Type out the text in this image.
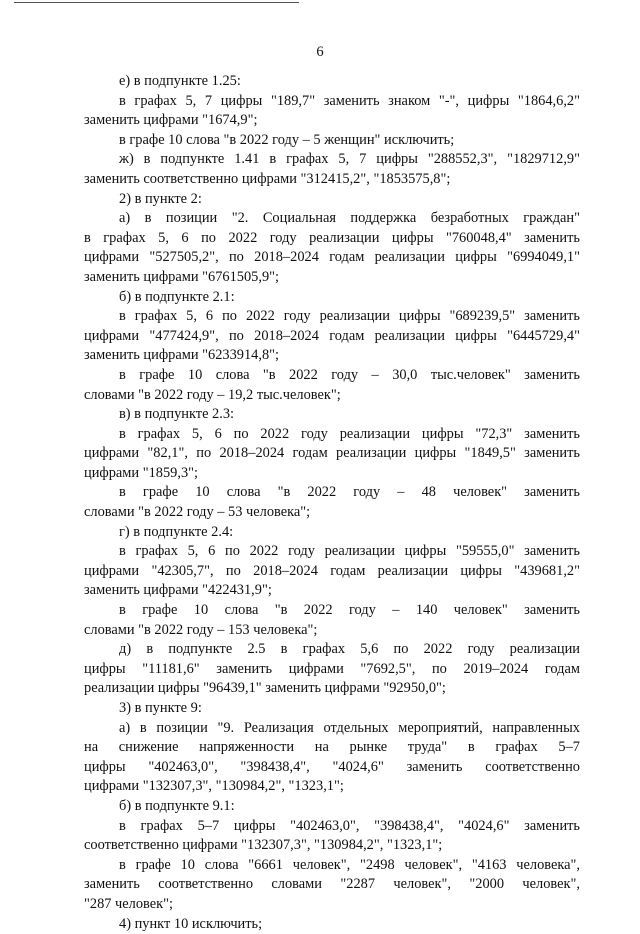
6
е) в подпункте 1.25:
в графах 5, 7 цифры "189,7" заменить знаком "-", цифры "1864,6,2"
заменить цифрами "1674,9";
в графе 10 слова "в 2022 году – 5 женщин" исключить;
ж) в подпункте 1.41 в графах 5, 7 цифры "288552,3", "1829712,9"
заменить соответственно цифрами "312415,2", "1853575,8";
2) в пункте 2:
а) в позиции "2. Социальная поддержка безработных граждан"
в графах 5, 6 по 2022 году реализации цифры "760048,4" заменить
цифрами "527505,2", по 2018–2024 годам реализации цифры "6994049,1"
заменить цифрами "6761505,9";
б) в подпункте 2.1:
в графах 5, 6 по 2022 году реализации цифры "689239,5" заменить
цифрами "477424,9", по 2018–2024 годам реализации цифры "6445729,4"
заменить цифрами "6233914,8";
в графе 10 слова "в 2022 году – 30,0 тыс.человек" заменить
словами "в 2022 году – 19,2 тыс.человек";
в) в подпункте 2.3:
в графах 5, 6 по 2022 году реализации цифры "72,3" заменить
цифрами "82,1", по 2018–2024 годам реализации цифры "1849,5" заменить
цифрами "1859,3";
в графе 10 слова "в 2022 году – 48 человек" заменить
словами "в 2022 году – 53 человека";
г) в подпункте 2.4:
в графах 5, 6 по 2022 году реализации цифры "59555,0" заменить
цифрами "42305,7", по 2018–2024 годам реализации цифры "439681,2"
заменить цифрами "422431,9";
в графе 10 слова "в 2022 году – 140 человек" заменить
словами "в 2022 году – 153 человека";
д) в подпункте 2.5 в графах 5,6 по 2022 году реализации
цифры "11181,6" заменить цифрами "7692,5", по 2019–2024 годам
реализации цифры "96439,1" заменить цифрами "92950,0";
3) в пункте 9:
а) в позиции "9. Реализация отдельных мероприятий, направленных
на снижение напряженности на рынке труда" в графах 5–7
цифры "402463,0", "398438,4", "4024,6" заменить соответственно
цифрами "132307,3", "130984,2", "1323,1";
б) в подпункте 9.1:
в графах 5–7 цифры "402463,0", "398438,4", "4024,6" заменить
соответственно цифрами "132307,3", "130984,2", "1323,1";
в графе 10 слова "6661 человек", "2498 человек", "4163 человека",
заменить соответственно словами "2287 человек", "2000 человек",
"287 человек";
4) пункт 10 исключить;
